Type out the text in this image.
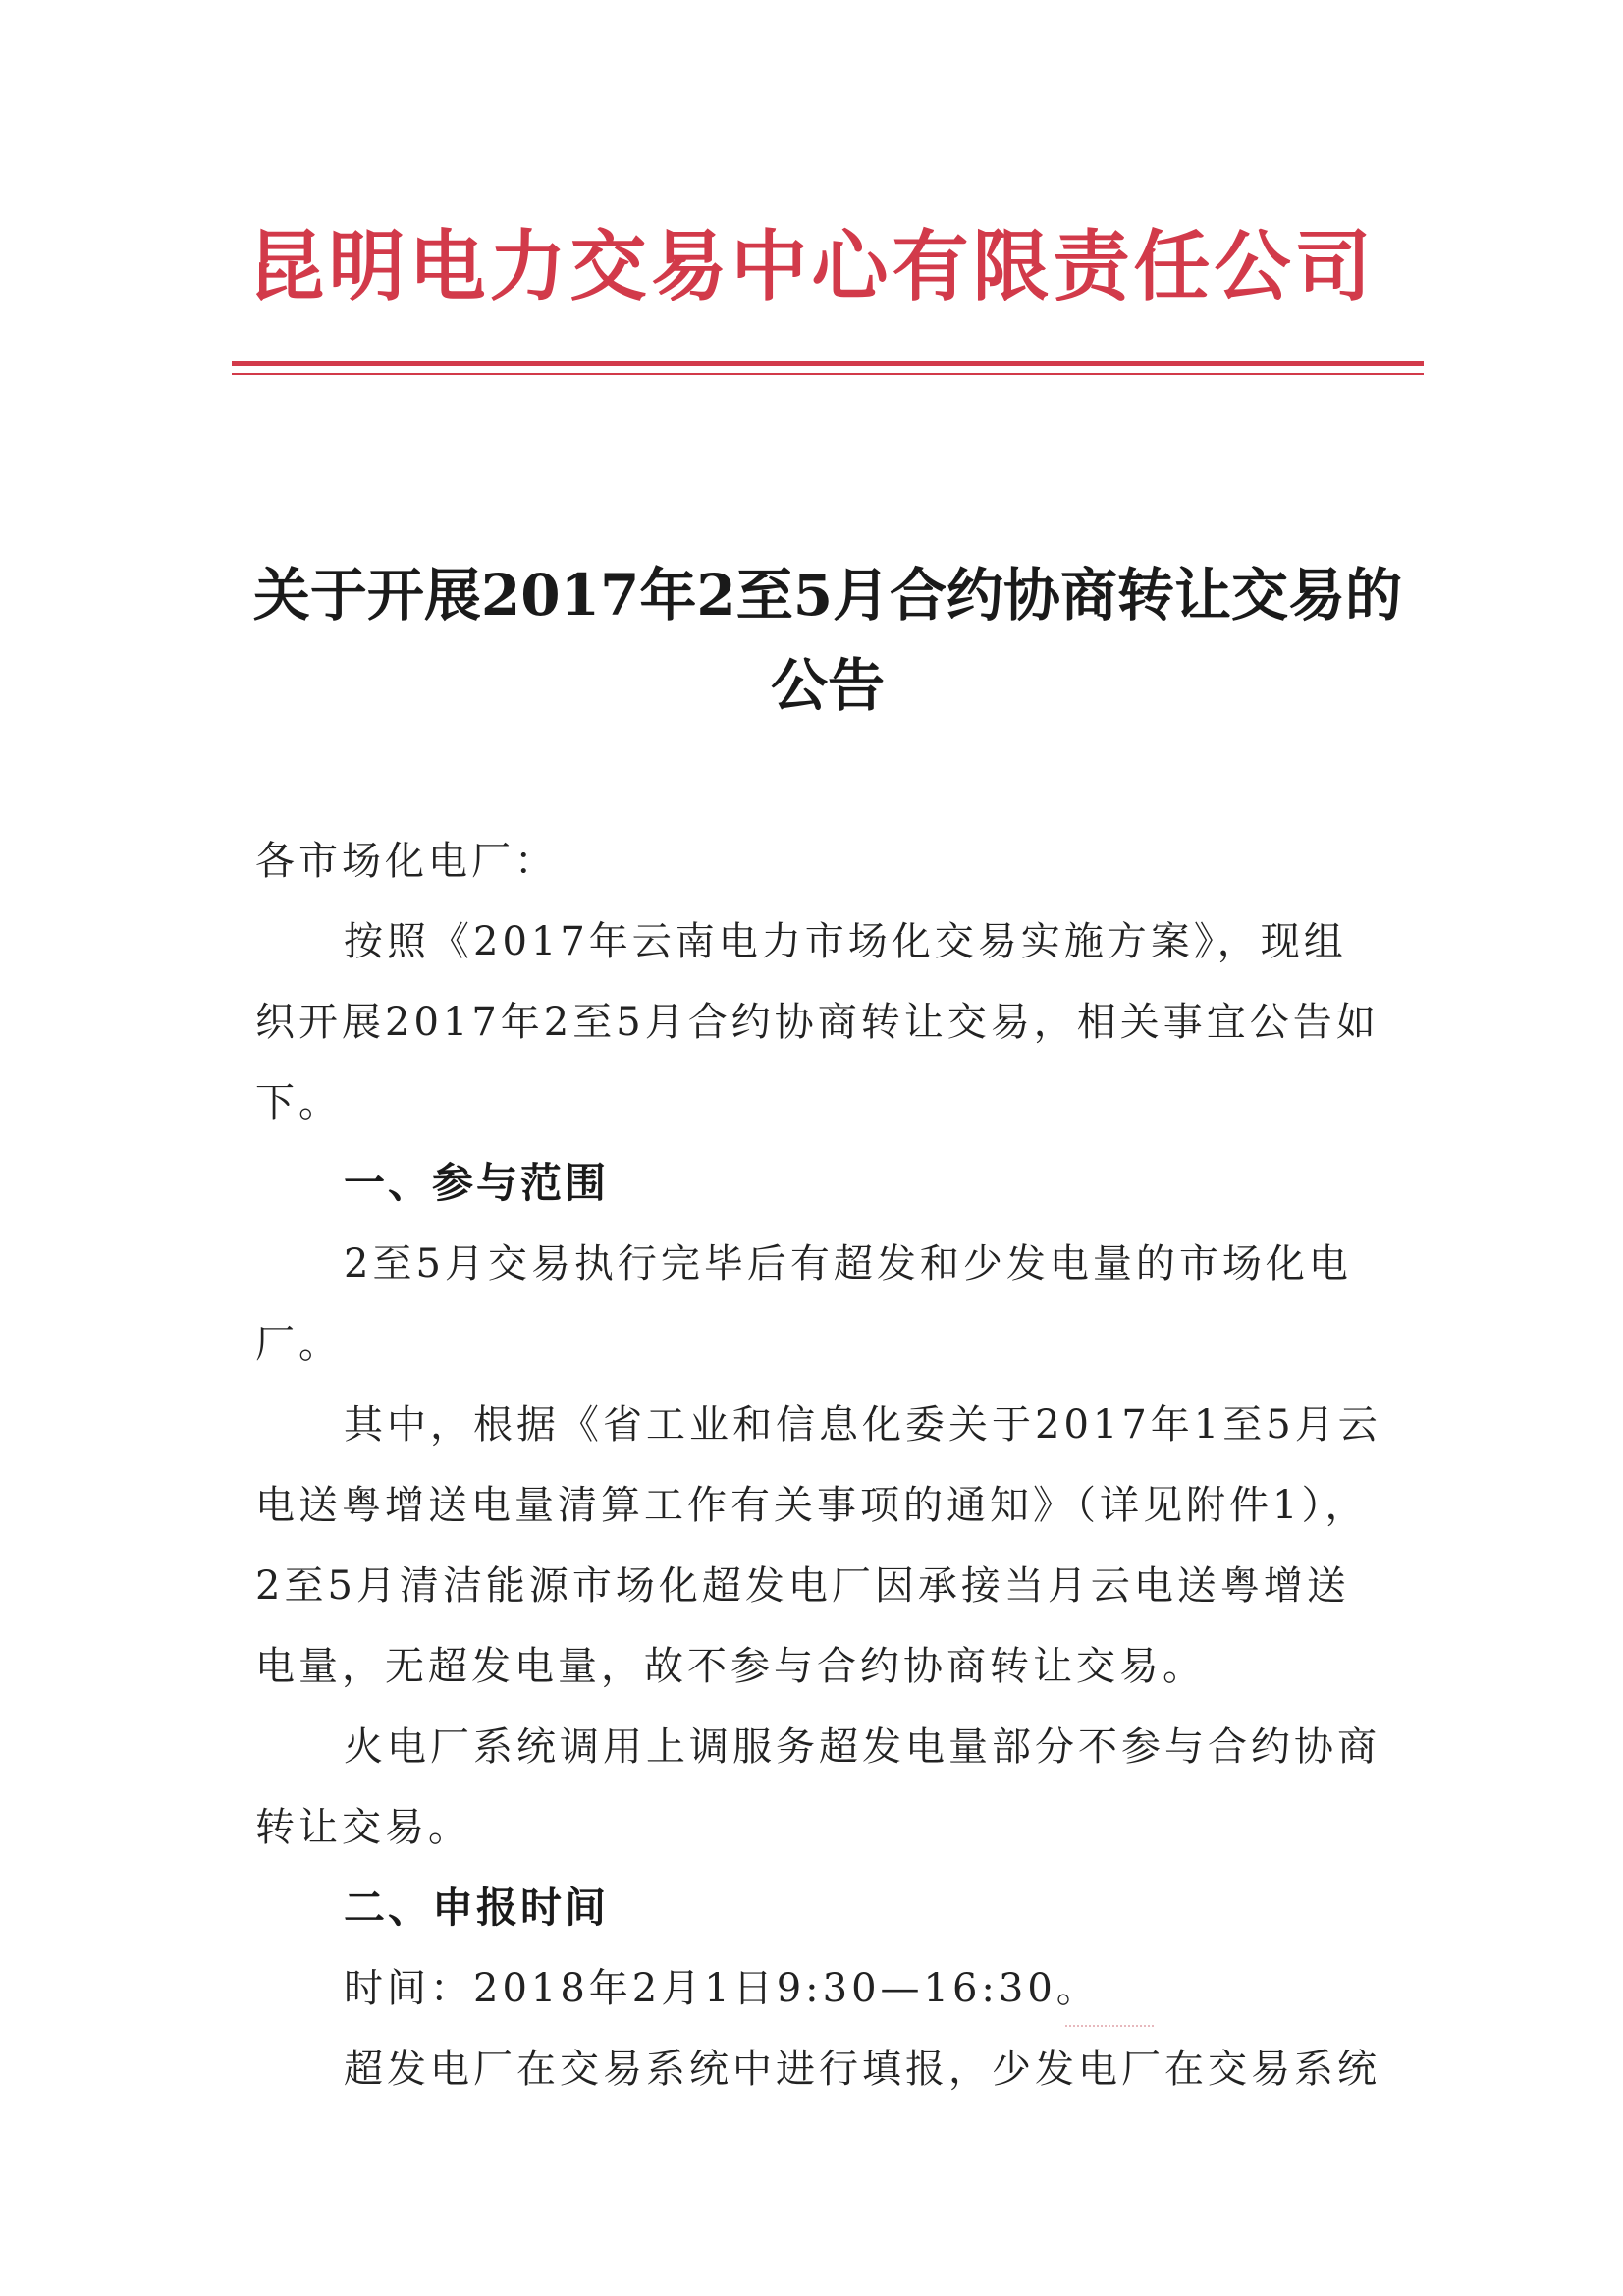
昆明电力交易中心有限责任公司
关于开展2017年2至5月合约协商转让交易的公告
各市场化电厂：
按照《2017年云南电力市场化交易实施方案》，现组织开展2017年2至5月合约协商转让交易，相关事宜公告如下。
一、参与范围
2至5月交易执行完毕后有超发和少发电量的市场化电厂。
其中，根据《省工业和信息化委关于2017年1至5月云电送粤增送电量清算工作有关事项的通知》（详见附件1），2至5月清洁能源市场化超发电厂因承接当月云电送粤增送电量，无超发电量，故不参与合约协商转让交易。
火电厂系统调用上调服务超发电量部分不参与合约协商转让交易。
二、申报时间
时间：2018年2月1日9:30—16:30。
超发电厂在交易系统中进行填报，少发电厂在交易系统
